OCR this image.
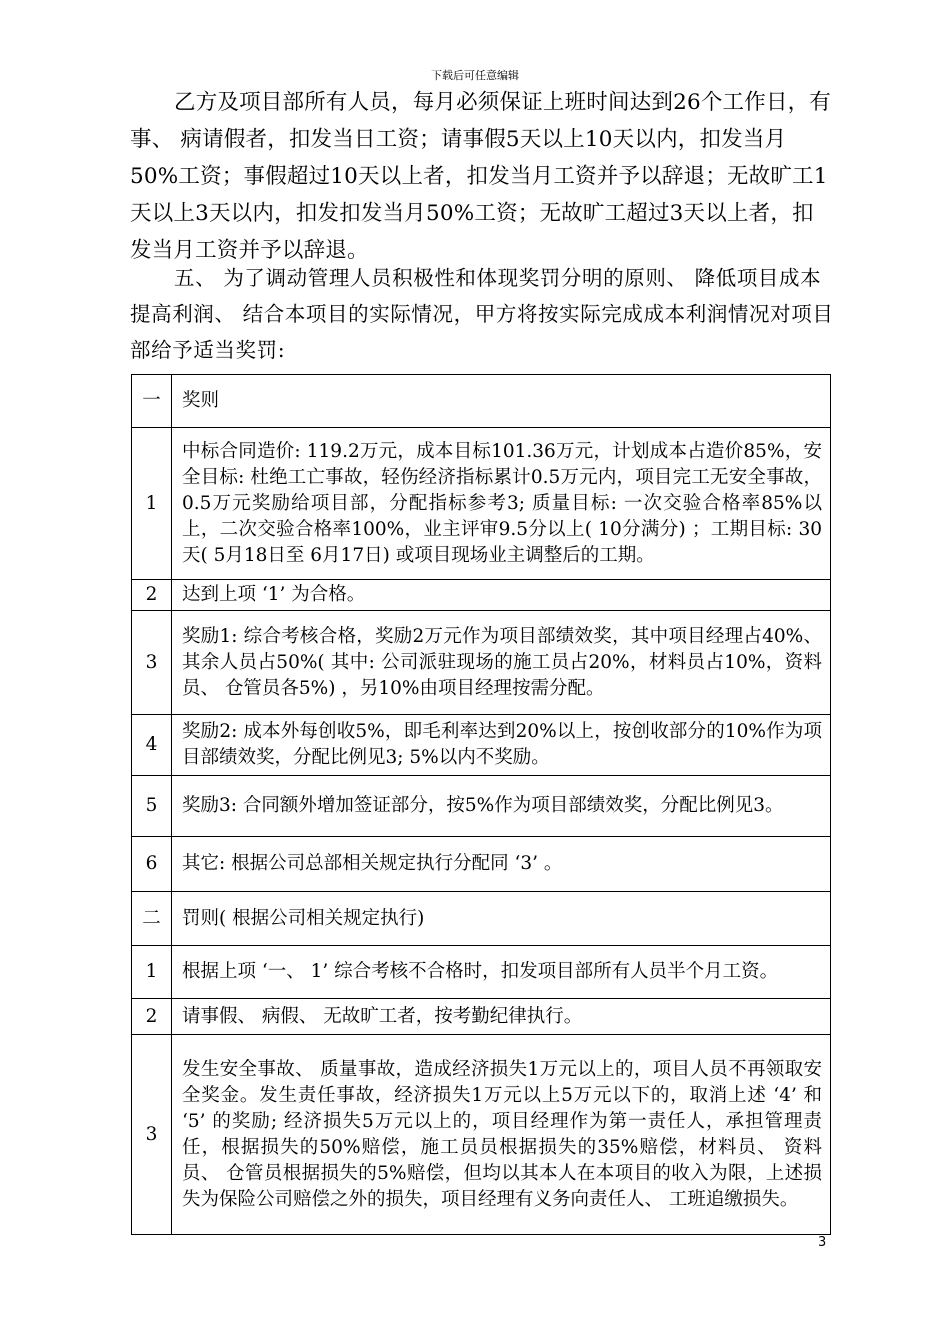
下载后可任意编辑

乙方及项目部所有人员，每月必须保证上班时间达到26个工作日，有事、 病请假者，扣发当日工资；请事假5天以上10天以内，扣发当月50%工资；事假超过10天以上者，扣发当月工资并予以辞退；无故旷工1天以上3天以内，扣发扣发当月50%工资；无故旷工超过3天以上者，扣发当月工资并予以辞退。

五、 为了调动管理人员积极性和体现奖罚分明的原则、 降低项目成本提高利润、 结合本项目的实际情况，甲方将按实际完成成本利润情况对项目部给予适当奖罚:

一	奖则
1	中标合同造价: 119.2万元，成本目标101.36万元，计划成本占造价85%，安全目标: 杜绝工亡事故，轻伤经济指标累计0.5万元内，项目完工无安全事故，0.5万元奖励给项目部，分配指标参考3; 质量目标: 一次交验合格率85%以上，二次交验合格率100%，业主评审9.5分以上( 10分满分) ；工期目标: 30天( 5月18日至 6月17日) 或项目现场业主调整后的工期。
2	达到上项 ‘1’ 为合格。
3	奖励1: 综合考核合格，奖励2万元作为项目部绩效奖，其中项目经理占40%、 其余人员占50%( 其中: 公司派驻现场的施工员占20%，材料员占10%，资料员、 仓管员各5%) ，另10%由项目经理按需分配。
4	奖励2: 成本外每创收5%，即毛利率达到20%以上，按创收部分的10%作为项目部绩效奖，分配比例见3; 5%以内不奖励。
5	奖励3: 合同额外增加签证部分，按5%作为项目部绩效奖，分配比例见3。
6	其它: 根据公司总部相关规定执行分配同 ‘3’ 。
二	罚则( 根据公司相关规定执行)
1	根据上项 ‘一、 1’ 综合考核不合格时，扣发项目部所有人员半个月工资。
2	请事假、 病假、 无故旷工者，按考勤纪律执行。
3	发生安全事故、 质量事故，造成经济损失1万元以上的，项目人员不再领取安全奖金。发生责任事故，经济损失1万元以上5万元以下的，取消上述 ‘4’ 和 ‘5’ 的奖励; 经济损失5万元以上的，项目经理作为第一责任人，承担管理责任，根据损失的50%赔偿，施工员员根据损失的35%赔偿，材料员、 资料员、 仓管员根据损失的5%赔偿，但均以其本人在本项目的收入为限，上述损失为保险公司赔偿之外的损失，项目经理有义务向责任人、 工班追缴损失。
3
